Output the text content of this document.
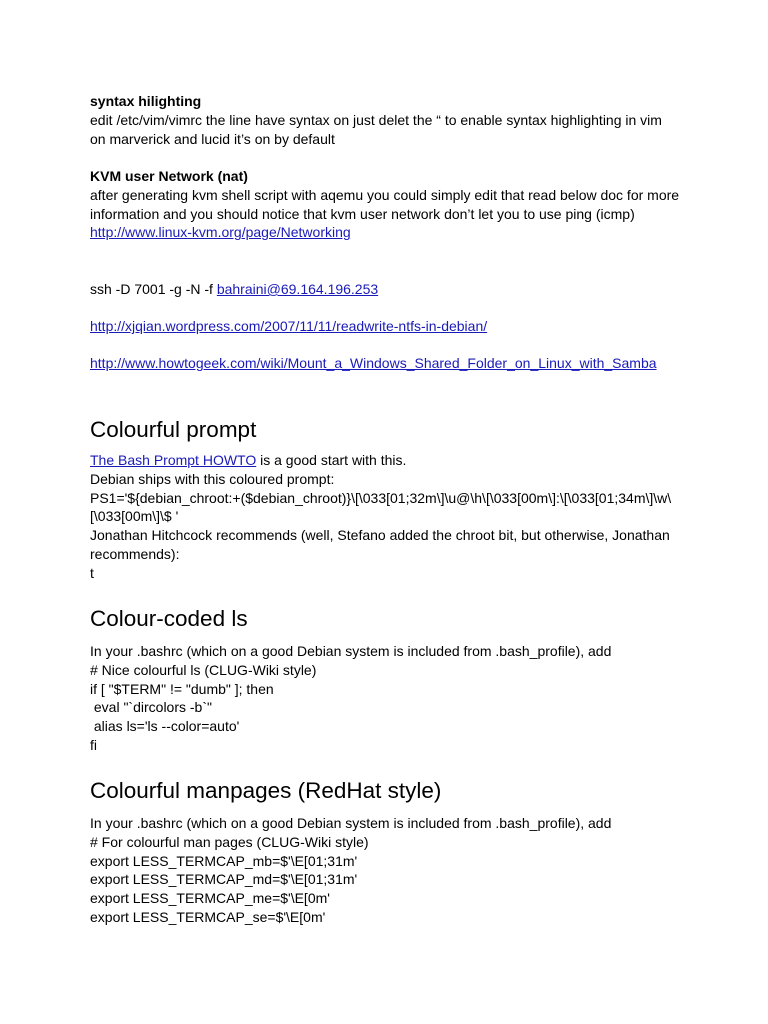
syntax hilighting

edit /etc/vim/vimrc the line have syntax on just delet the “ to enable syntax highlighting in vim

on marverick and lucid it’s on by default

KVM user Network (nat)

after generating kvm shell script with aqemu you could simply edit that read below doc for more

information and you should notice that kvm user network don’t let you to use ping (icmp)

http://www.linux-kvm.org/page/Networking

ssh -D 7001 -g -N -f bahraini@69.164.196.253

http://xjqian.wordpress.com/2007/11/11/readwrite-ntfs-in-debian/

http://www.howtogeek.com/wiki/Mount_a_Windows_Shared_Folder_on_Linux_with_Samba

Colourful prompt

The Bash Prompt HOWTO is a good start with this.

Debian ships with this coloured prompt:

PS1='${debian_chroot:+($debian_chroot)}\[\033[01;32m\]\u@\h\[\033[00m\]:\[\033[01;34m\]\w\

[\033[00m\]\$ '

Jonathan Hitchcock recommends (well, Stefano added the chroot bit, but otherwise, Jonathan

recommends):

t

Colour-coded ls

In your .bashrc (which on a good Debian system is included from .bash_profile), add

# Nice colourful ls (CLUG-Wiki style)

if [ "$TERM" != "dumb" ]; then

eval "`dircolors -b`"

alias ls='ls --color=auto'

fi

Colourful manpages (RedHat style)

In your .bashrc (which on a good Debian system is included from .bash_profile), add

# For colourful man pages (CLUG-Wiki style)

export LESS_TERMCAP_mb=$'\E[01;31m'

export LESS_TERMCAP_md=$'\E[01;31m'

export LESS_TERMCAP_me=$'\E[0m'

export LESS_TERMCAP_se=$'\E[0m'
